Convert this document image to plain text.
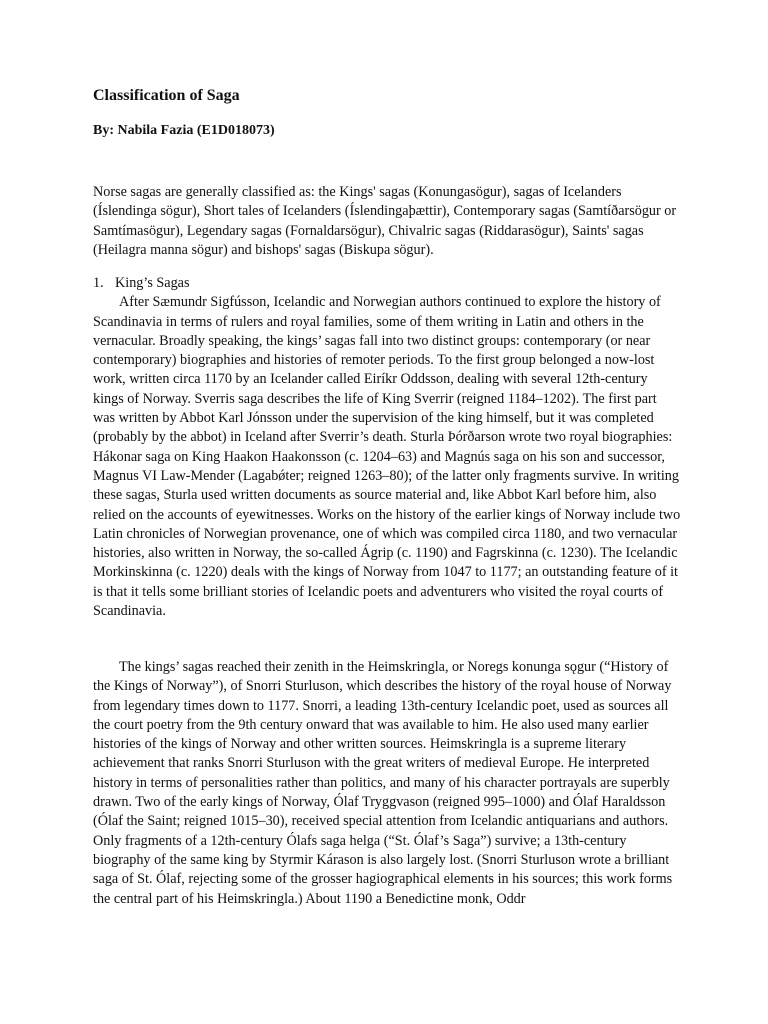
Classification of Saga

By: Nabila Fazia (E1D018073)

Norse sagas are generally classified as: the Kings' sagas (Konungasögur), sagas of Icelanders (Íslendinga sögur), Short tales of Icelanders (Íslendingaþættir), Contemporary sagas (Samtíðarsögur or Samtímasögur), Legendary sagas (Fornaldarsögur), Chivalric sagas (Riddarasögur), Saints' sagas (Heilagra manna sögur) and bishops' sagas (Biskupa sögur).

1. King’s Sagas
After Sæmundr Sigfússon, Icelandic and Norwegian authors continued to explore the history of Scandinavia in terms of rulers and royal families, some of them writing in Latin and others in the vernacular. Broadly speaking, the kings’ sagas fall into two distinct groups: contemporary (or near contemporary) biographies and histories of remoter periods. To the first group belonged a now-lost work, written circa 1170 by an Icelander called Eiríkr Oddsson, dealing with several 12th-century kings of Norway. Sverris saga describes the life of King Sverrir (reigned 1184–1202). The first part was written by Abbot Karl Jónsson under the supervision of the king himself, but it was completed (probably by the abbot) in Iceland after Sverrir’s death. Sturla Þórðarson wrote two royal biographies: Hákonar saga on King Haakon Haakonsson (c. 1204–63) and Magnús saga on his son and successor, Magnus VI Law-Mender (Lagabǿter; reigned 1263–80); of the latter only fragments survive. In writing these sagas, Sturla used written documents as source material and, like Abbot Karl before him, also relied on the accounts of eyewitnesses. Works on the history of the earlier kings of Norway include two Latin chronicles of Norwegian provenance, one of which was compiled circa 1180, and two vernacular histories, also written in Norway, the so-called Ágrip (c. 1190) and Fagrskinna (c. 1230). The Icelandic Morkinskinna (c. 1220) deals with the kings of Norway from 1047 to 1177; an outstanding feature of it is that it tells some brilliant stories of Icelandic poets and adventurers who visited the royal courts of Scandinavia.

The kings’ sagas reached their zenith in the Heimskringla, or Noregs konunga sǫgur (“History of the Kings of Norway”), of Snorri Sturluson, which describes the history of the royal house of Norway from legendary times down to 1177. Snorri, a leading 13th-century Icelandic poet, used as sources all the court poetry from the 9th century onward that was available to him. He also used many earlier histories of the kings of Norway and other written sources. Heimskringla is a supreme literary achievement that ranks Snorri Sturluson with the great writers of medieval Europe. He interpreted history in terms of personalities rather than politics, and many of his character portrayals are superbly drawn. Two of the early kings of Norway, Ólaf Tryggvason (reigned 995–1000) and Ólaf Haraldsson (Ólaf the Saint; reigned 1015–30), received special attention from Icelandic antiquarians and authors. Only fragments of a 12th-century Ólafs saga helga (“St. Ólaf’s Saga”) survive; a 13th-century biography of the same king by Styrmir Kárason is also largely lost. (Snorri Sturluson wrote a brilliant saga of St. Ólaf, rejecting some of the grosser hagiographical elements in his sources; this work forms the central part of his Heimskringla.) About 1190 a Benedictine monk, Oddr
